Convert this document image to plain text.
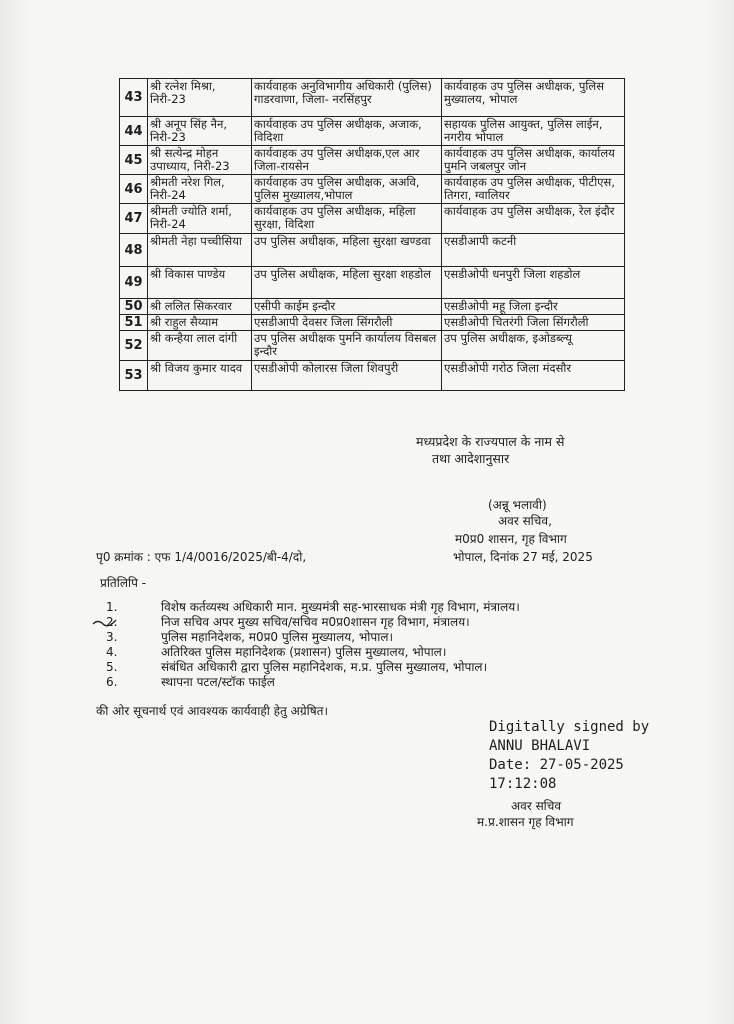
43	श्री रत्नेश मिश्रा, निरी-23	कार्यवाहक अनुविभागीय अधिकारी (पुलिस) गाडरवाणा, जिला- नरसिंहपुर	कार्यवाहक उप पुलिस अधीक्षक, पुलिस मुख्यालय, भोपाल
44	श्री अनूप सिंह नैन, निरी-23	कार्यवाहक उप पुलिस अधीक्षक, अजाक, विदिशा	सहायक पुलिस आयुक्त, पुलिस लाईन, नगरीय भोपाल
45	श्री सत्येन्द्र मोहन उपाध्याय, निरी-23	कार्यवाहक उप पुलिस अधीक्षक,एल आर जिला-रायसेन	कार्यवाहक उप पुलिस अधीक्षक, कार्यालय पुमनि जबलपुर जोन
46	श्रीमती नरेश गिल, निरी-24	कार्यवाहक उप पुलिस अधीक्षक, अअवि, पुलिस मुख्यालय,भोपाल	कार्यवाहक उप पुलिस अधीक्षक, पीटीएस, तिगरा, ग्वालियर
47	श्रीमती ज्योति शर्मा, निरी-24	कार्यवाहक उप पुलिस अधीक्षक, महिला सुरक्षा, विदिशा	कार्यवाहक उप पुलिस अधीक्षक, रेल इंदौर
48	श्रीमती नेहा पच्चीसिया	उप पुलिस अधीक्षक, महिला सुरक्षा खण्डवा	एसडीआपी कटनी
49	श्री विकास पाण्डेय	उप पुलिस अधीक्षक, महिला सुरक्षा शहडोल	एसडीओपी धनपुरी जिला शहडोल
50	श्री ललित सिकरवार	एसीपी काईम इन्दौर	एसडीओपी महू जिला इन्दौर
51	श्री राहुल सैय्याम	एसडीआपी देवसर जिला सिंगरौली	एसडीओपी चितरंगी जिला सिंगरौली
52	श्री कन्हैया लाल दांगी	उप पुलिस अधीक्षक पुमनि कार्यालय विसबल इन्दौर	उप पुलिस अधीक्षक, इओडब्ल्यू
53	श्री विजय कुमार यादव	एसडीओपी कोलारस जिला शिवपुरी	एसडीओपी गरोठ जिला मंदसौर
मध्यप्रदेश के राज्यपाल के नाम से
तथा आदेशानुसार
(अन्नू भलावी)
अवर सचिव,
म0प्र0 शासन, गृह विभाग
पृ0 क्रमांक : एफ 1/4/0016/2025/बी-4/दो,	भोपाल, दिनांक 27 मई, 2025
प्रतिलिपि -
1.	विशेष कर्तव्यस्थ अधिकारी मान. मुख्यमंत्री सह-भारसाधक मंत्री गृह विभाग, मंत्रालय।
2.	निज सचिव अपर मुख्य सचिव/सचिव म0प्र0शासन गृह विभाग, मंत्रालय।
3.	पुलिस महानिदेशक, म0प्र0 पुलिस मुख्यालय, भोपाल।
4.	अतिरिक्त पुलिस महानिदेशक (प्रशासन) पुलिस मुख्यालय, भोपाल।
5.	संबंधित अधिकारी द्वारा पुलिस महानिदेशक, म.प्र. पुलिस मुख्यालय, भोपाल।
6.	स्थापना पटल/स्टॉक फाईल
की ओर सूचनार्थ एवं आवश्यक कार्यवाही हेतु अग्रेषित।
Digitally signed by
ANNU BHALAVI
Date: 27-05-2025
17:12:08
अवर सचिव
म.प्र.शासन गृह विभाग
